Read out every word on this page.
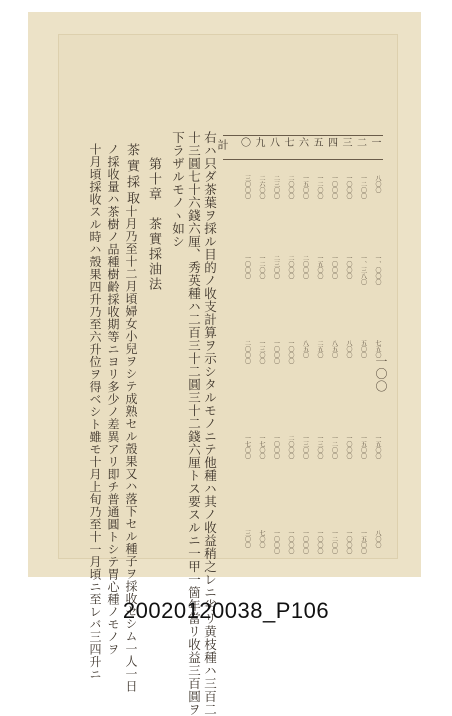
一〇〇
一
八〇〇
一、〇〇〇
七五〇
一五〇〇
八〇〇
二
一二〇〇
一、三八〇
五〇〇
一五〇〇
一五〇〇
三
一〇〇〇
一〇〇〇
八〇〇
一〇〇〇
一〇〇〇
四
一〇〇〇
一〇〇〇
八五〇
一二〇〇
一二〇〇
五
一二〇〇
一五〇〇
二五〇
一三〇〇
一〇〇〇
六
一五〇〇
二〇〇〇
八五〇
一三〇〇
一〇〇〇
七
二〇〇〇
二〇〇〇
一〇〇〇
二〇〇〇
一〇〇〇
八
二三〇〇
二三〇〇
一〇〇〇
一〇〇〇
一〇〇〇
九
二六〇〇
一二〇〇
一三〇〇
一七〇〇
七〇〇
〇
三〇〇〇
一〇〇〇
二〇〇〇
一七〇〇
三〇〇
計
右ハ只ダ茶葉ヲ採ル目的ノ收支計算ヲ示シタルモノニテ他種ハ其ノ收益稍之レニ劣リ黄枝種ハ三百二
十三圓七十六錢六厘、秀英種ハ二百三十二圓三十二錢六厘トス要スルニ一甲一箇年當リ收益三百圓ヲ
下ラザルモノヽ如シ
第十章　茶實採油法
茶實採取
十月乃至十二月頃婦女小兒ヲシテ成熟セル殼果又ハ落下セル種子ヲ採收セシム一人一日
ノ採收量ハ茶樹ノ品種樹齡採收期等ニヨリ多少ノ差異アリ即チ普通圓トシテ胃心種ノモノヲ
十月頃採收スル時ハ殼果四升乃至六升位ヲ得ベシト雖モ十月上旬乃至十一月頃ニ至レバ三四升ニ 20020120038_P106
